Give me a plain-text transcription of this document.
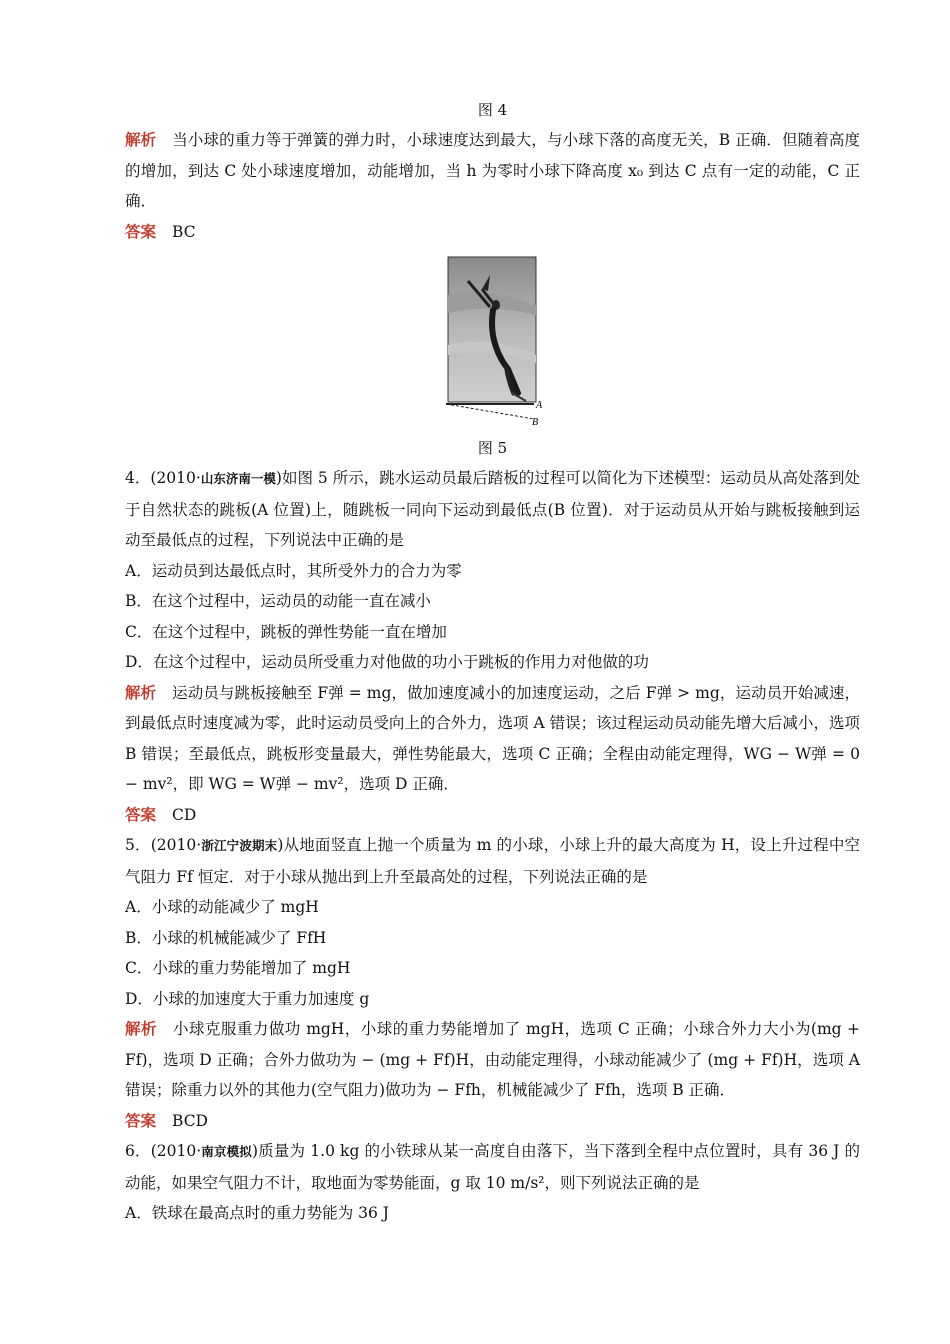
图 4

解析 当小球的重力等于弹簧的弹力时，小球速度达到最大，与小球下落的高度无关，B 正确．但随着高度的增加，到达 C 处小球速度增加，动能增加，当 h 为零时小球下降高度 x₀ 到达 C 点有一定的动能，C 正确．

答案 BC

A
B
图 5

4．(2010·山东济南一模)如图 5 所示，跳水运动员最后踏板的过程可以简化为下述模型：运动员从高处落到处于自然状态的跳板(A 位置)上，随跳板一同向下运动到最低点(B 位置)．对于运动员从开始与跳板接触到运动至最低点的过程，下列说法中正确的是

A．运动员到达最低点时，其所受外力的合力为零

B．在这个过程中，运动员的动能一直在减小

C．在这个过程中，跳板的弹性势能一直在增加

D．在这个过程中，运动员所受重力对他做的功小于跳板的作用力对他做的功

解析 运动员与跳板接触至 F弹 = mg，做加速度减小的加速度运动，之后 F弹 > mg，运动员开始减速，到最低点时速度减为零，此时运动员受向上的合外力，选项 A 错误；该过程运动员动能先增大后减小，选项 B 错误；至最低点，跳板形变量最大，弹性势能最大，选项 C 正确；全程由动能定理得，WG − W弹 = 0 − mv²，即 WG = W弹 − mv²，选项 D 正确．

答案 CD

5．(2010·浙江宁波期末)从地面竖直上抛一个质量为 m 的小球，小球上升的最大高度为 H，设上升过程中空气阻力 Ff 恒定．对于小球从抛出到上升至最高处的过程，下列说法正确的是

A．小球的动能减少了 mgH

B．小球的机械能减少了 FfH

C．小球的重力势能增加了 mgH

D．小球的加速度大于重力加速度 g

解析 小球克服重力做功 mgH，小球的重力势能增加了 mgH，选项 C 正确；小球合外力大小为(mg + Ff)，选项 D 正确；合外力做功为 − (mg + Ff)H，由动能定理得，小球动能减少了 (mg + Ff)H，选项 A 错误；除重力以外的其他力(空气阻力)做功为 − Ffh，机械能减少了 Ffh，选项 B 正确．

答案 BCD

6．(2010·南京模拟)质量为 1.0 kg 的小铁球从某一高度自由落下，当下落到全程中点位置时，具有 36 J 的动能，如果空气阻力不计，取地面为零势能面，g 取 10 m/s²，则下列说法正确的是

A．铁球在最高点时的重力势能为 36 J
